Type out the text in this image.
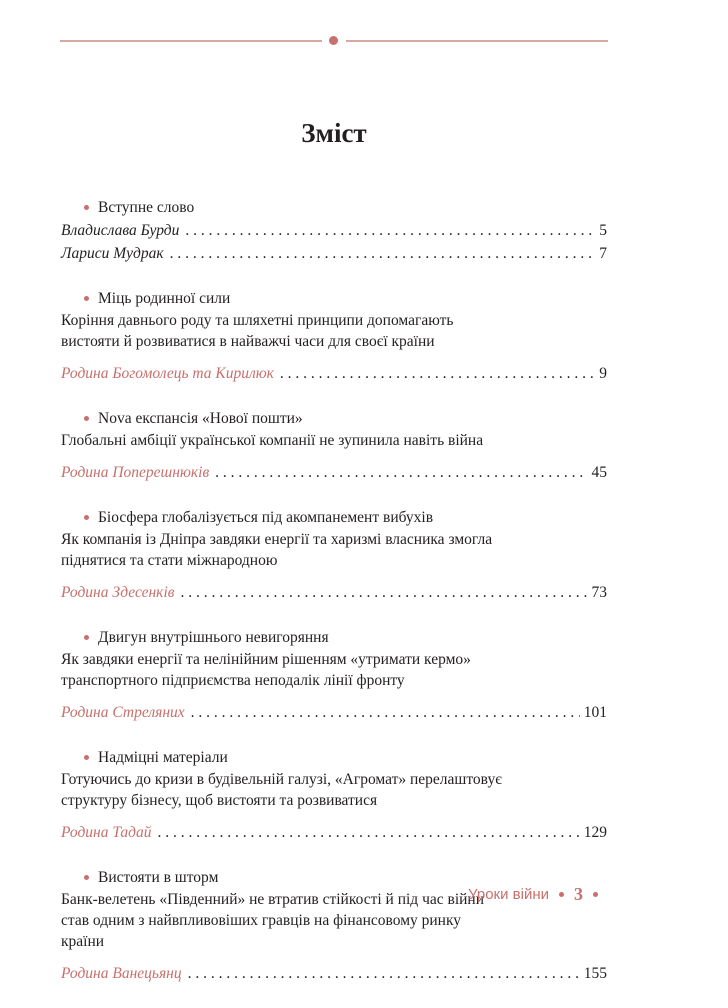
Зміст
Вступне слово
Владислава Бурди . . .	5
Лариси Мудрак . . .	7
Міць родинної сили
Коріння давнього роду та шляхетні принципи допомагають
вистояти й розвиватися в найважчі часи для своєї країни
Родина Богомолець та Кирилюк . . .	9
Nova експансія «Нової пошти»
Глобальні амбіції української компанії не зупинила навіть війна
Родина Поперешнюків . . .	45
Біосфера глобалізується під акомпанемент вибухів
Як компанія із Дніпра завдяки енергії та харизмі власника змогла
піднятися та стати міжнародною
Родина Здесенків . . .	73
Двигун внутрішнього невигоряння
Як завдяки енергії та нелінійним рішенням «утримати кермо»
транспортного підприємства неподалік лінії фронту
Родина Стреляних . . .	101
Надміцні матеріали
Готуючись до кризи в будівельній галузі, «Агромат» перелаштовує
структуру бізнесу, щоб вистояти та розвиватися
Родина Тадай . . .	129
Вистояти в шторм
Банк-велетень «Південний» не втратив стійкості й під час війни
став одним з найвпливовіших гравців на фінансовому ринку
країни
Родина Ванецьянц . . .	155
Уроки війни 3
